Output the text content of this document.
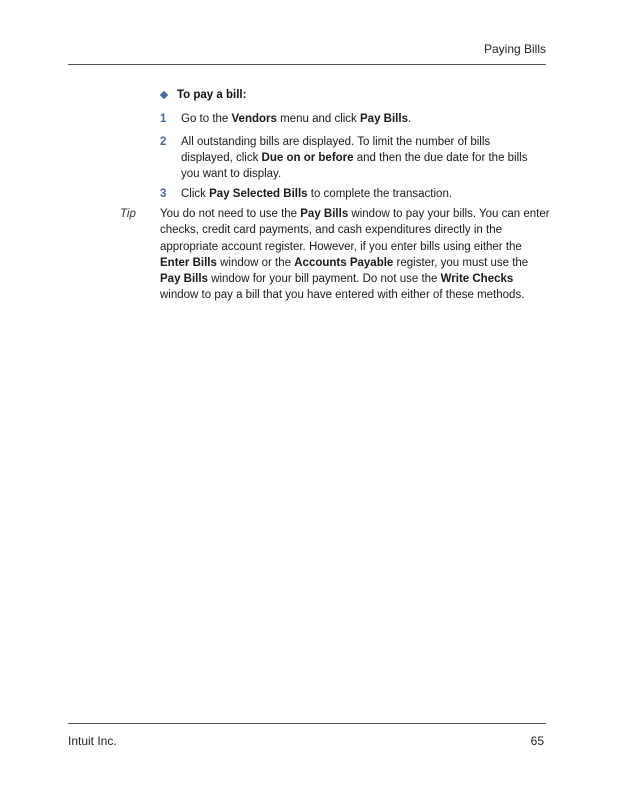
Paying Bills
To pay a bill:
1	Go to the Vendors menu and click Pay Bills.
2	All outstanding bills are displayed. To limit the number of bills displayed, click Due on or before and then the due date for the bills you want to display.
3	Click Pay Selected Bills to complete the transaction.
Tip You do not need to use the Pay Bills window to pay your bills. You can enter checks, credit card payments, and cash expenditures directly in the appropriate account register. However, if you enter bills using either the Enter Bills window or the Accounts Payable register, you must use the Pay Bills window for your bill payment. Do not use the Write Checks window to pay a bill that you have entered with either of these methods.
Intuit Inc.	65
